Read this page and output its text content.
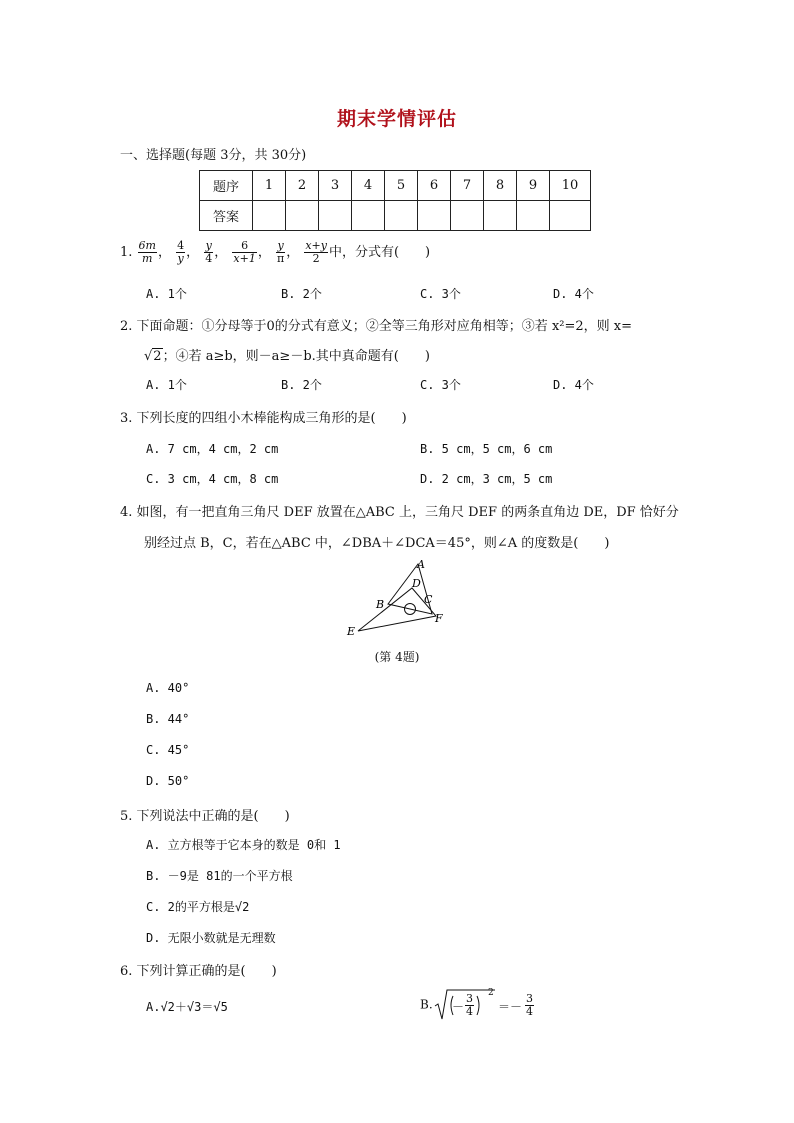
期末学情评估
一、选择题(每题 3分，共 30分)
题序	1	2	3	4	5	6	7	8	9	10
答案										
1. $\frac{6m}{m}$ ， $\frac{4}{y}$ ， $\frac{y}{4}$ ， $\frac{6}{x+1}$ ， $\frac{y}{\pi}$ ， $\frac{x+y}{2}$ 中，分式有(　　)
A. 1个	B. 2个	C. 3个	D. 4个
2. 下面命题：①分母等于0的分式有意义；②全等三角形对应角相等；③若 x²=2，则 x=
√2；④若 a≥b，则－a≥－b.其中真命题有(　　)
A. 1个	B. 2个	C. 3个	D. 4个
3. 下列长度的四组小木棒能构成三角形的是(　　)
A. 7 cm，4 cm，2 cm	B. 5 cm，5 cm，6 cm
C. 3 cm，4 cm，8 cm	D. 2 cm，3 cm，5 cm
4. 如图，有一把直角三角尺 DEF 放置在△ABC 上，三角尺 DEF 的两条直角边 DE，DF 恰好分
别经过点 B，C，若在△ABC 中，∠DBA＋∠DCA＝45°，则∠A 的度数是(　　)
A
D
B	C
E
F
(第 4题)
A. 40°
B. 44°
C. 45°
D. 50°
5. 下列说法中正确的是(　　)
A. 立方根等于它本身的数是 0和 1
B. －9是 81的一个平方根
C. 2的平方根是√2
D. 无限小数就是无理数
6. 下列计算正确的是(　　)
A.√2＋√3＝√5	B. － $\frac{3}{4} 2$
＝－ $\frac{3}{4}$
